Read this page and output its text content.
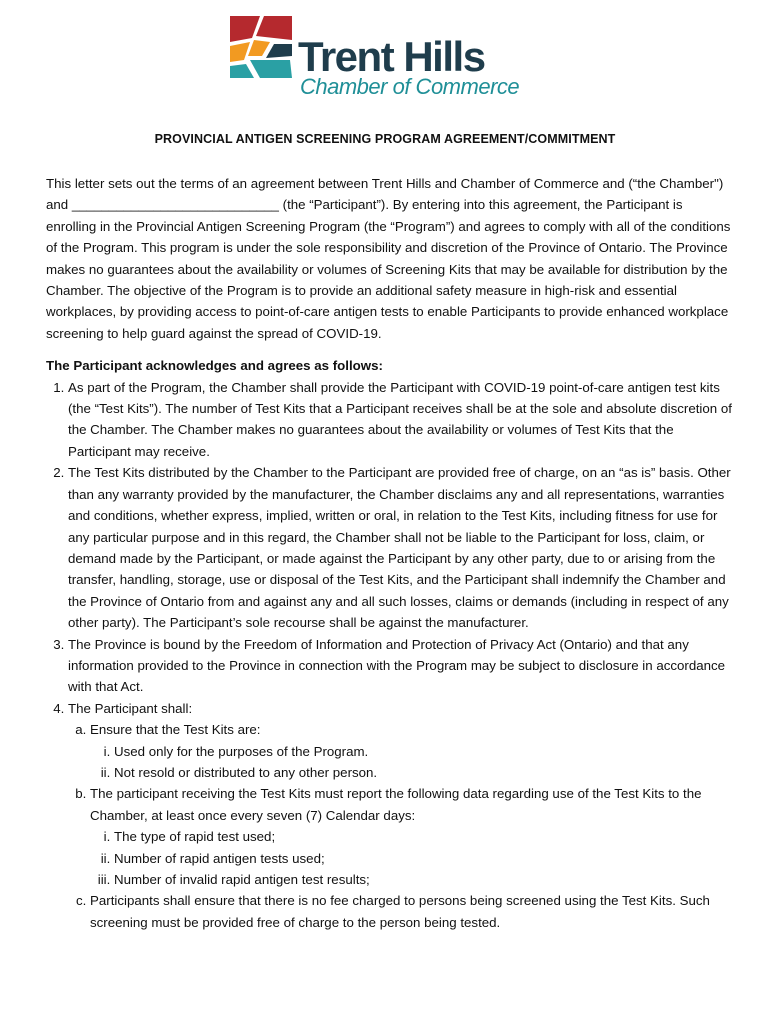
Trent Hills
Chamber of Commerce
PROVINCIAL ANTIGEN SCREENING PROGRAM AGREEMENT/COMMITMENT

This letter sets out the terms of an agreement between Trent Hills and Chamber of Commerce and (“the Chamber") and ____________________________ (the “Participant”). By entering into this agreement, the Participant is enrolling in the Provincial Antigen Screening Program (the “Program”) and agrees to comply with all of the conditions of the Program. This program is under the sole responsibility and discretion of the Province of Ontario. The Province makes no guarantees about the availability or volumes of Screening Kits that may be available for distribution by the Chamber. The objective of the Program is to provide an additional safety measure in high-risk and essential workplaces, by providing access to point-of-care antigen tests to enable Participants to provide enhanced workplace screening to help guard against the spread of COVID-19.

The Participant acknowledges and agrees as follows:
1. As part of the Program, the Chamber shall provide the Participant with COVID-19 point-of-care antigen test kits (the “Test Kits”). The number of Test Kits that a Participant receives shall be at the sole and absolute discretion of the Chamber. The Chamber makes no guarantees about the availability or volumes of Test Kits that the Participant may receive.
2. The Test Kits distributed by the Chamber to the Participant are provided free of charge, on an “as is” basis. Other than any warranty provided by the manufacturer, the Chamber disclaims any and all representations, warranties and conditions, whether express, implied, written or oral, in relation to the Test Kits, including fitness for use for any particular purpose and in this regard, the Chamber shall not be liable to the Participant for loss, claim, or demand made by the Participant, or made against the Participant by any other party, due to or arising from the transfer, handling, storage, use or disposal of the Test Kits, and the Participant shall indemnify the Chamber and the Province of Ontario from and against any and all such losses, claims or demands (including in respect of any other party). The Participant’s sole recourse shall be against the manufacturer.
3. The Province is bound by the Freedom of Information and Protection of Privacy Act (Ontario) and that any information provided to the Province in connection with the Program may be subject to disclosure in accordance with that Act.
4. The Participant shall:
a. Ensure that the Test Kits are:
i. Used only for the purposes of the Program.
ii. Not resold or distributed to any other person.
b. The participant receiving the Test Kits must report the following data regarding use of the Test Kits to the Chamber, at least once every seven (7) Calendar days:
i. The type of rapid test used;
ii. Number of rapid antigen tests used;
iii. Number of invalid rapid antigen test results;
c. Participants shall ensure that there is no fee charged to persons being screened using the Test Kits. Such screening must be provided free of charge to the person being tested.
